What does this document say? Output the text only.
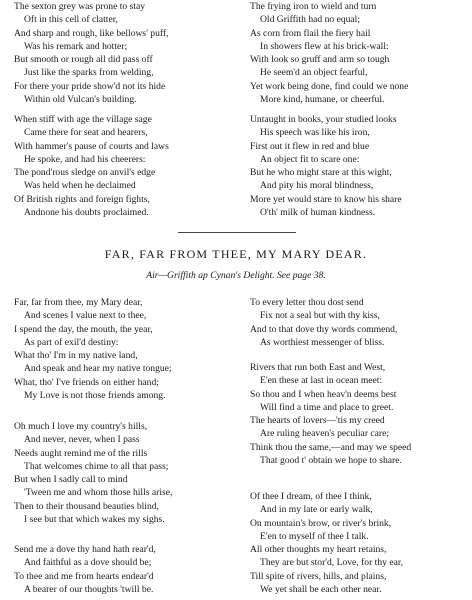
The sexton grey was prone to stay
Oft in this cell of clatter,
And sharp and rough, like bellows' puff,
Was his remark and hotter;
But smooth or rough all did pass off
Just like the sparks from welding,
For there your pride show'd not its hide
Within old Vulcan's building.
When stiff with age the village sage
Came there for seat and hearers,
With hammer's pause of courts and laws
He spoke, and had his cheerers:
The pond'rous sledge on anvil's edge
Was held when he declaimed
Of British rights and foreign fights,
Andnone his doubts proclaimed.
The frying iron to wield and turn
Old Griffith had no equal;
As corn from flail the fiery hail
In showers flew at his brick-wall:
With look so gruff and arm so tough
He seem'd an object fearful,
Yet work being done, find could we none
More kind, humane, or cheerful.
Untaught in books, your studied looks
His speech was like his iron,
First out it flew in red and blue
An object fit to scare one:
But he who might stare at this wight,
And pity his moral blindness,
More yet would stare to know his share
O'th' milk of human kindness.
FAR, FAR FROM THEE, MY MARY DEAR.
Air—Griffith ap Cynan's Delight. See page 38.
Far, far from thee, my Mary dear,
And scenes I value next to thee,
I spend the day, the mouth, the year,
As part of exil'd destiny:
What tho' I'm in my native land,
And speak and hear my native tongue;
What, tho' I've friends on either hand;
My Love is not those friends among.
Oh much I love my country's hills,
And never, never, when I pass
Needs aught remind me of the rills
That welcomes chime to all that pass;
But when I sadly call to mind
'Tween me and whom those hills arise,
Then to their thousand beauties blind,
I see but that which wakes my sighs.
Send me a dove thy hand hath rear'd,
And faithful as a dove should be;
To thee and me from hearts endear'd
A bearer of our thoughts 'twill be.
To every letter thou dost send
Fix not a seal but with thy kiss,
And to that dove thy words commend,
As worthiest messenger of bliss.
Rivers that run both East and West,
E'en these at last in ocean meet:
So thou and I when heav'n deems best
Will find a time and place to greet.
The hearts of lovers—'tis my creed
Are ruling heaven's peculiar care;
Think thou the same,—and may we speed
That good t' obtain we hope to share.
Of thee I dream, of thee I think,
And in my late or early walk,
On mountain's brow, or river's brink,
E'en to myself of thee I talk.
All other thoughts my heart retains,
They are but stor'd, Love, for thy ear,
Till spite of rivers, hills, and plains,
We yet shall be each other near.
